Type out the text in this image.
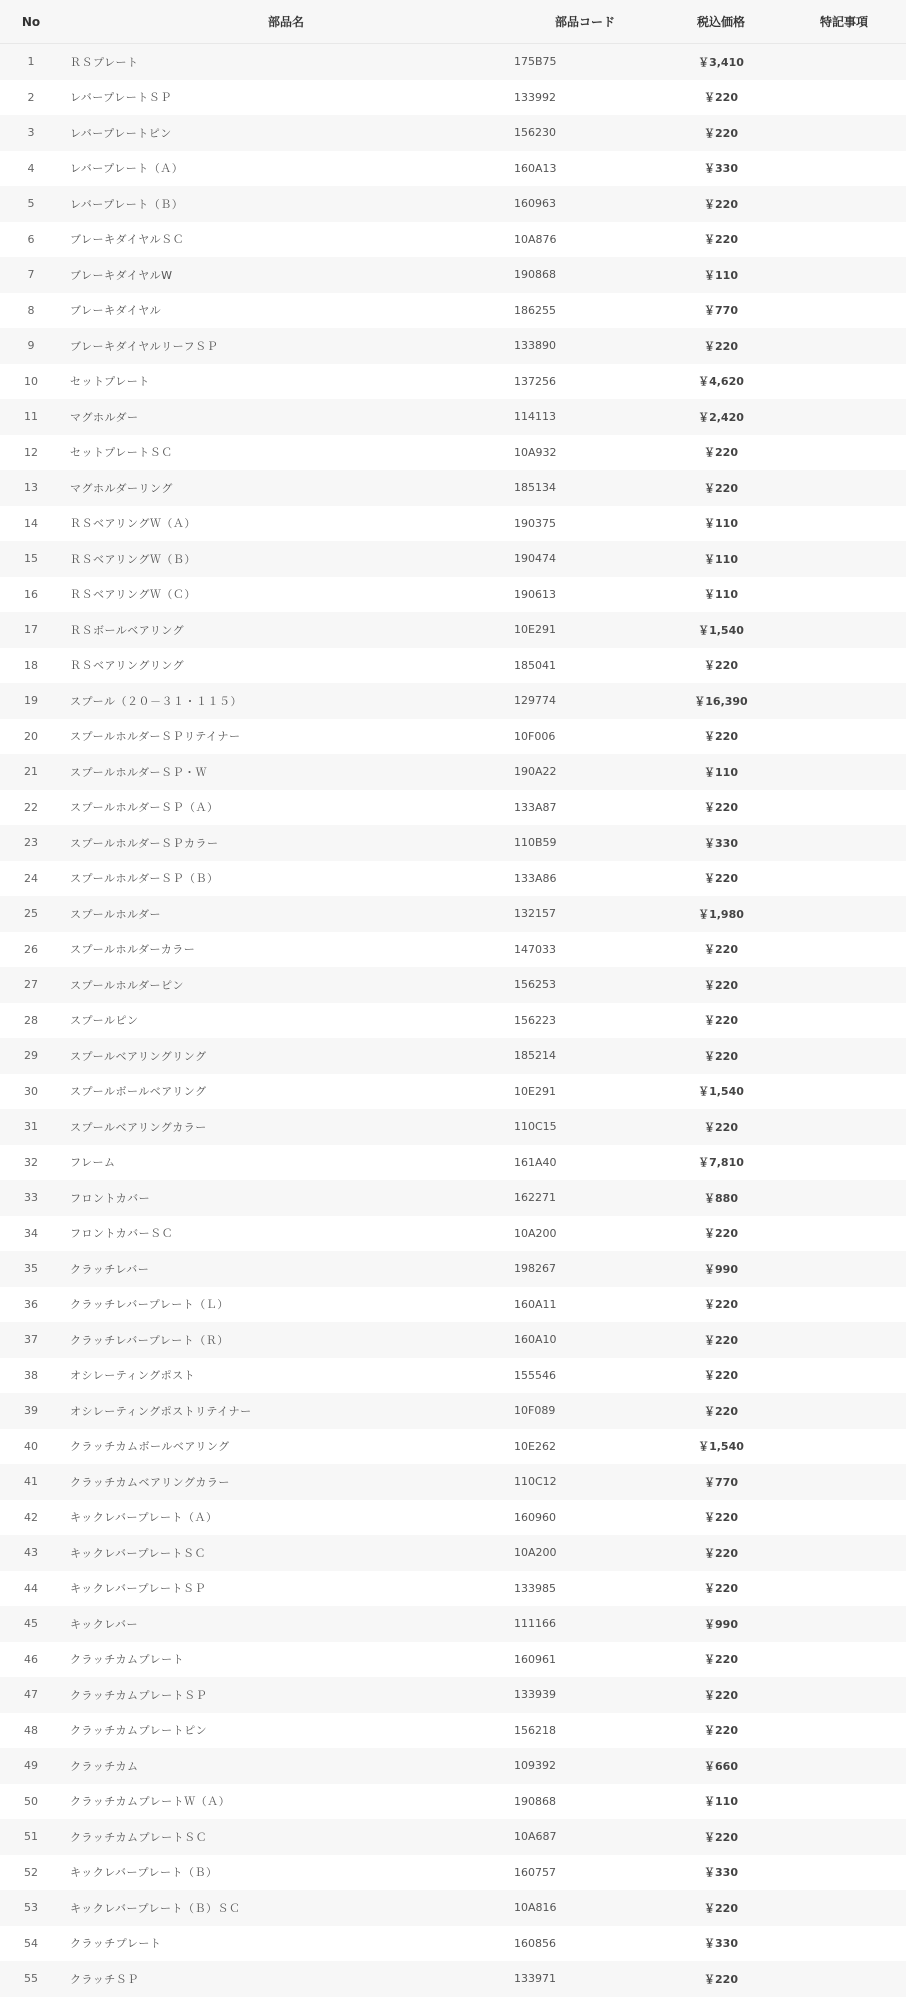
No	部品名	部品コード	税込価格	特記事項
1	ＲＳプレート	175B75	￥3,410	
2	レバープレートＳＰ	133992	￥220	
3	レバープレートピン	156230	￥220	
4	レバープレート（Ａ）	160A13	￥330	
5	レバープレート（Ｂ）	160963	￥220	
6	ブレーキダイヤルＳＣ	10A876	￥220	
7	ブレーキダイヤルW	190868	￥110	
8	ブレーキダイヤル	186255	￥770	
9	ブレーキダイヤルリーフＳＰ	133890	￥220	
10	セットプレート	137256	￥4,620	
11	マグホルダー	114113	￥2,420	
12	セットプレートＳＣ	10A932	￥220	
13	マグホルダーリング	185134	￥220	
14	ＲＳベアリングＷ（Ａ）	190375	￥110	
15	ＲＳベアリングＷ（Ｂ）	190474	￥110	
16	ＲＳベアリングＷ（Ｃ）	190613	￥110	
17	ＲＳボールベアリング	10E291	￥1,540	
18	ＲＳベアリングリング	185041	￥220	
19	スプール（２０－３１・１１５）	129774	￥16,390	
20	スプールホルダーＳＰリテイナー	10F006	￥220	
21	スプールホルダーＳＰ・Ｗ	190A22	￥110	
22	スプールホルダーＳＰ（Ａ）	133A87	￥220	
23	スプールホルダーＳＰカラー	110B59	￥330	
24	スプールホルダーＳＰ（Ｂ）	133A86	￥220	
25	スプールホルダー	132157	￥1,980	
26	スプールホルダーカラー	147033	￥220	
27	スプールホルダーピン	156253	￥220	
28	スプールピン	156223	￥220	
29	スプールベアリングリング	185214	￥220	
30	スプールボールベアリング	10E291	￥1,540	
31	スプールベアリングカラー	110C15	￥220	
32	フレーム	161A40	￥7,810	
33	フロントカバー	162271	￥880	
34	フロントカバーＳＣ	10A200	￥220	
35	クラッチレバー	198267	￥990	
36	クラッチレバープレート（Ｌ）	160A11	￥220	
37	クラッチレバープレート（Ｒ）	160A10	￥220	
38	オシレーティングポスト	155546	￥220	
39	オシレーティングポストリテイナー	10F089	￥220	
40	クラッチカムボールベアリング	10E262	￥1,540	
41	クラッチカムベアリングカラー	110C12	￥770	
42	キックレバープレート（Ａ）	160960	￥220	
43	キックレバープレートＳＣ	10A200	￥220	
44	キックレバープレートＳＰ	133985	￥220	
45	キックレバー	111166	￥990	
46	クラッチカムプレート	160961	￥220	
47	クラッチカムプレートＳＰ	133939	￥220	
48	クラッチカムプレートピン	156218	￥220	
49	クラッチカム	109392	￥660	
50	クラッチカムプレートＷ（Ａ）	190868	￥110	
51	クラッチカムプレートＳＣ	10A687	￥220	
52	キックレバープレート（Ｂ）	160757	￥330	
53	キックレバープレート（Ｂ）ＳＣ	10A816	￥220	
54	クラッチプレート	160856	￥330	
55	クラッチＳＰ	133971	￥220	
